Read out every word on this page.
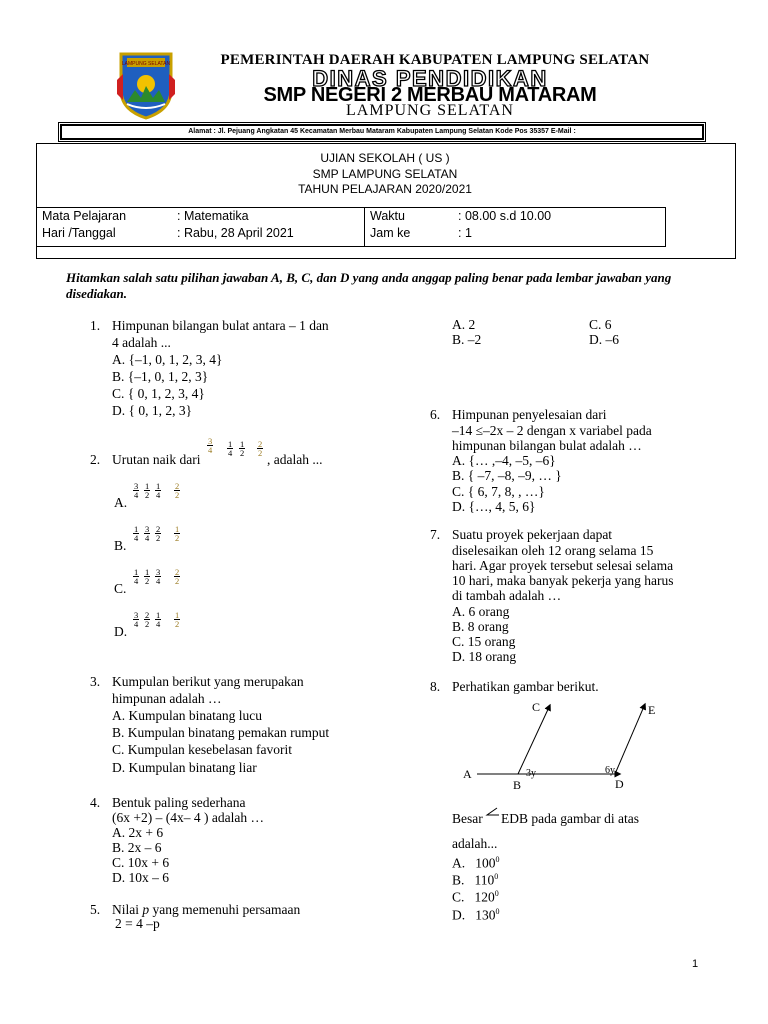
LAMPUNG SELATAN	PEMERINTAH DAERAH KABUPATEN LAMPUNG SELATAN
DINAS PENDIDIKAN
SMP NEGERI 2 MERBAU MATARAM
LAMPUNG SELATAN
Alamat : Jl. Pejuang Angkatan 45 Kecamatan Merbau Mataram Kabupaten Lampung Selatan Kode Pos 35357 E-Mail :
UJIAN SEKOLAH ( US )
SMP LAMPUNG SELATAN
TAHUN PELAJARAN 2020/2021
Mata Pelajaran	: Matematika
Hari /Tanggal	: Rabu, 28 April 2021
Waktu	: 08.00 s.d 10.00
Jam ke	: 1
Hitamkan salah satu pilihan jawaban A, B, C, dan D yang anda anggap paling benar pada lembar jawaban yang disediakan.
1. Himpunan bilangan bulat antara – 1 dan
4 adalah ...
A. {–1, 0, 1, 2, 3, 4}
B. {–1, 0, 1, 2, 3}
C. { 0, 1, 2, 3, 4}
D. { 0, 1, 2, 3}
2. Urutan naik dari
$\frac{3}{4} \frac{1}{4} \frac{1}{2} \frac{2}{2}$
, adalah ...
A.
$\frac{3}{4} \frac{1}{2} \frac{1}{4} \frac{2}{2}$
B.
$\frac{1}{4} \frac{3}{4} \frac{2}{2} \frac{1}{2}$
C.
$\frac{1}{4} \frac{1}{2} \frac{3}{4} \frac{2}{2}$
D.
$\frac{3}{4} \frac{2}{2} \frac{1}{4} \frac{1}{2}$
3. Kumpulan berikut yang merupakan
himpunan adalah …
A. Kumpulan binatang lucu
B. Kumpulan binatang pemakan rumput
C. Kumpulan kesebelasan favorit
D. Kumpulan binatang liar
4. Bentuk paling sederhana
(6x +2) – (4x– 4 ) adalah …
A. 2x + 6
B. 2x – 6
C. 10x + 6
D. 10x – 6
5. Nilai p yang memenuhi persamaan
2 = 4 –p
A. 2
B. –2
C. 6
D. –6
6. Himpunan penyelesaian dari
–14 ≤–2x – 2 dengan x variabel pada
himpunan bilangan bulat adalah …
A. {… ,–4, –5, –6}
B. { –7, –8, –9, … }
C. { 6, 7, 8, , …}
D. {…, 4, 5, 6}
7. Suatu proyek pekerjaan dapat
diselesaikan oleh 12 orang selama 15
hari. Agar proyek tersebut selesai selama
10 hari, maka banyak pekerja yang harus
di tambah adalah …
A. 6 orang
B. 8 orang
C. 15 orang
D. 18 orang
8. Perhatikan gambar berikut.
A
B
C
D
E
3y	6y
Besar EDB pada gambar di atas
adalah...
A. $100^0$
B. $110^0$
C. $120^0$
D. $130^0$
1
